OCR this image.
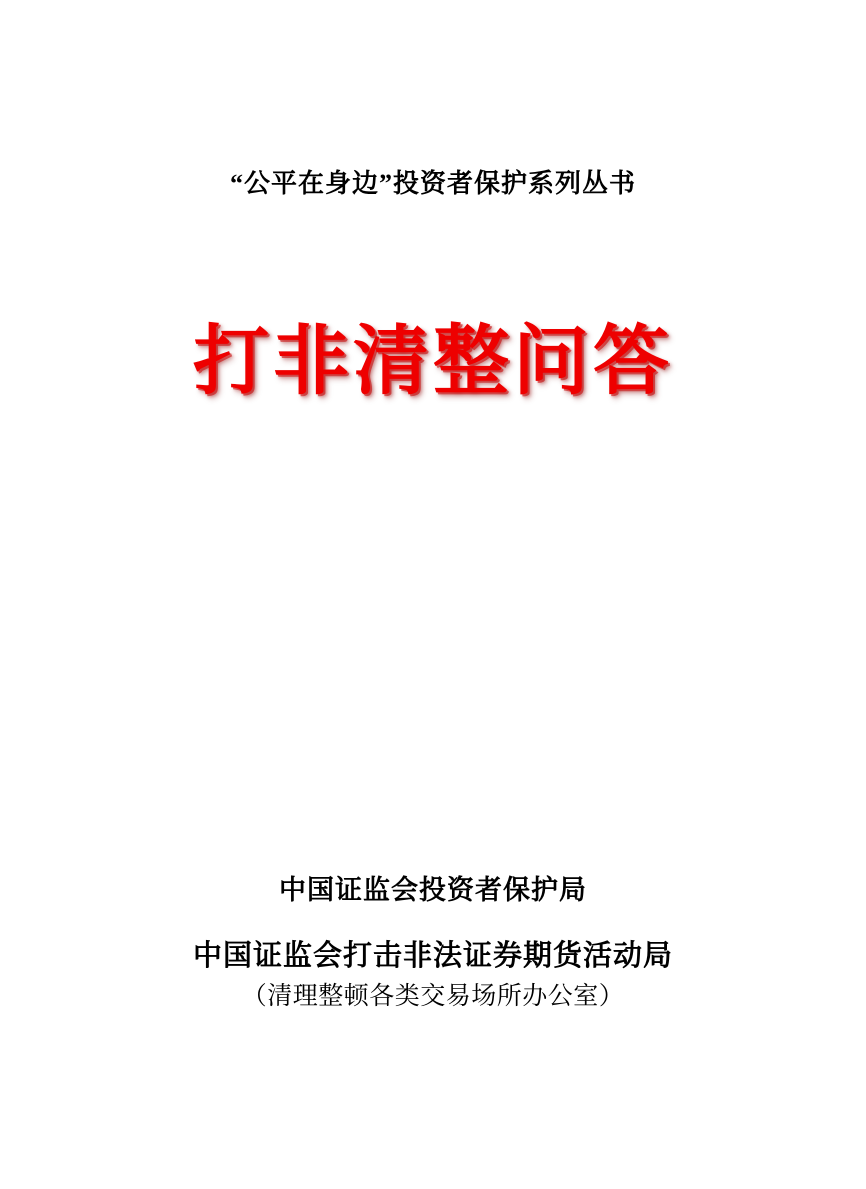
“公平在身边”投资者保护系列丛书
打非清整问答
中国证监会投资者保护局
中国证监会打击非法证券期货活动局
（清理整顿各类交易场所办公室）
